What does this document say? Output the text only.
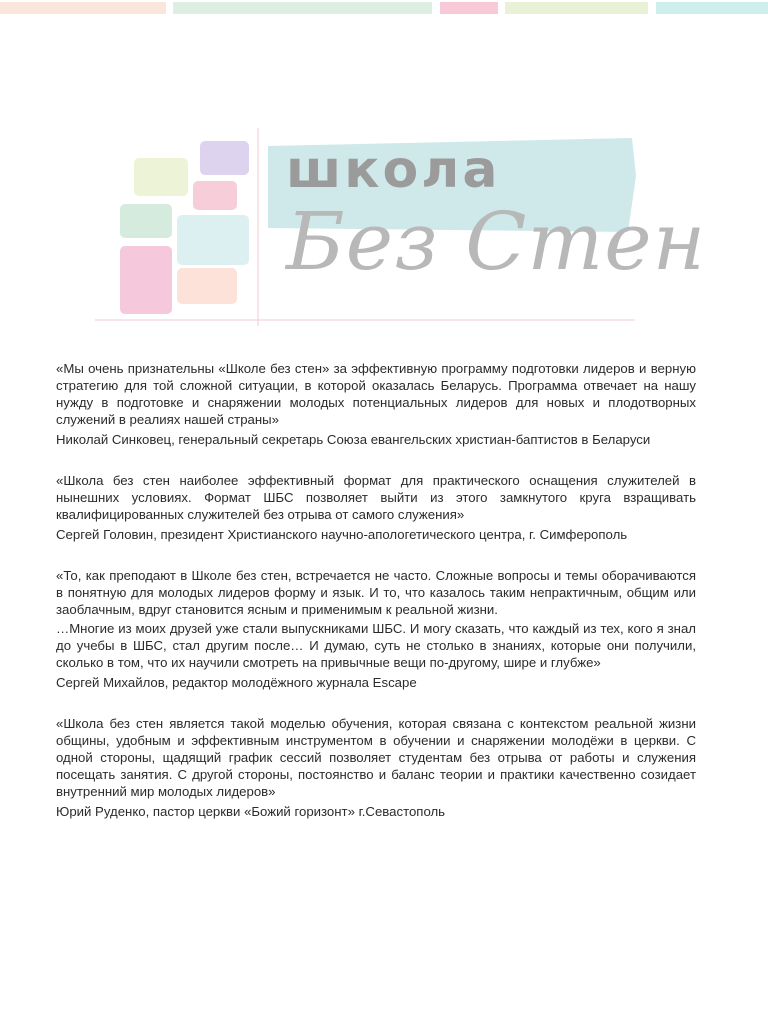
школа
Без Стен

«Мы очень признательны «Школе без стен» за эффективную программу подготовки лидеров и верную стратегию для той сложной ситуации, в которой оказалась Беларусь. Программа отвечает на нашу нужду в подготовке и снаряжении молодых потенциальных лидеров для новых и плодотворных служений в реалиях нашей страны»

Николай Синковец, генеральный секретарь Союза евангельских христиан-баптистов в Беларуси

«Школа без стен наиболее эффективный формат для практического оснащения служителей в нынешних условиях. Формат ШБС позволяет выйти из этого замкнутого круга взращивать квалифицированных служителей без отрыва от самого служения»

Сергей Головин, президент Христианского научно-апологетического центра, г. Симферополь

«То, как преподают в Школе без стен, встречается не часто. Сложные вопросы и темы оборачиваются в понятную для молодых лидеров форму и язык. И то, что казалось таким непрактичным, общим или заоблачным, вдруг становится ясным и применимым к реальной жизни.

…Многие из моих друзей уже стали выпускниками ШБС. И могу сказать, что каждый из тех, кого я знал до учебы в ШБС, стал другим после… И думаю, суть не столько в знаниях, которые они получили, сколько в том, что их научили смотреть на привычные вещи по-другому, шире и глубже»

Сергей Михайлов, редактор молодёжного журнала Escape

«Школа без стен является такой моделью обучения, которая связана с контекстом реальной жизни общины, удобным и эффективным инструментом в обучении и снаряжении молодёжи в церкви. С одной стороны, щадящий график сессий позволяет студентам без отрыва от работы и служения посещать занятия. С другой стороны, постоянство и баланс теории и практики качественно созидает внутренний мир молодых лидеров»

Юрий Руденко, пастор церкви «Божий горизонт» г.Севастополь
